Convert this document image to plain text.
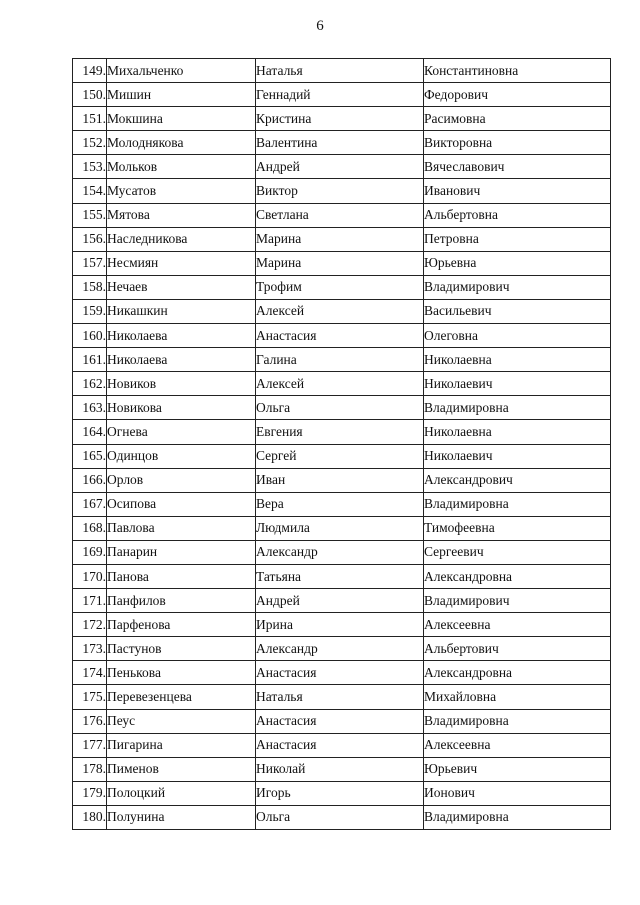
6
149.	Михальченко	Наталья	Константиновна
150.	Мишин	Геннадий	Федорович
151.	Мокшина	Кристина	Расимовна
152.	Молоднякова	Валентина	Викторовна
153.	Мольков	Андрей	Вячеславович
154.	Мусатов	Виктор	Иванович
155.	Мятова	Светлана	Альбертовна
156.	Наследникова	Марина	Петровна
157.	Несмиян	Марина	Юрьевна
158.	Нечаев	Трофим	Владимирович
159.	Никашкин	Алексей	Васильевич
160.	Николаева	Анастасия	Олеговна
161.	Николаева	Галина	Николаевна
162.	Новиков	Алексей	Николаевич
163.	Новикова	Ольга	Владимировна
164.	Огнева	Евгения	Николаевна
165.	Одинцов	Сергей	Николаевич
166.	Орлов	Иван	Александрович
167.	Осипова	Вера	Владимировна
168.	Павлова	Людмила	Тимофеевна
169.	Панарин	Александр	Сергеевич
170.	Панова	Татьяна	Александровна
171.	Панфилов	Андрей	Владимирович
172.	Парфенова	Ирина	Алексеевна
173.	Пастунов	Александр	Альбертович
174.	Пенькова	Анастасия	Александровна
175.	Перевезенцева	Наталья	Михайловна
176.	Пеус	Анастасия	Владимировна
177.	Пигарина	Анастасия	Алексеевна
178.	Пименов	Николай	Юрьевич
179.	Полоцкий	Игорь	Ионович
180.	Полунина	Ольга	Владимировна
